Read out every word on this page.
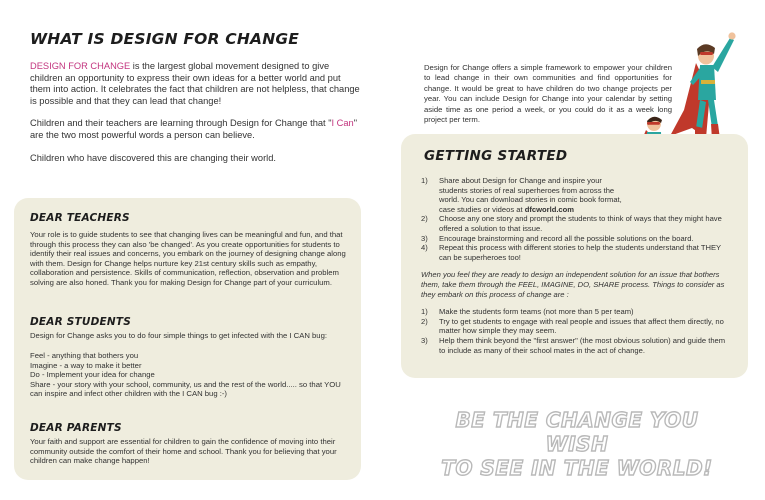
WHAT IS DESIGN FOR CHANGE

DESIGN FOR CHANGE is the largest global movement designed to give children an opportunity to express their own ideas for a better world and put them into action. It celebrates the fact that children are not helpless, that change is possible and that they can lead that change!

Children and their teachers are learning through Design for Change that "I Can" are the two most powerful words a person can believe.

Children who have discovered this are changing their world.

DEAR TEACHERS
Your role is to guide students to see that changing lives can be meaningful and fun, and that through this process they can also 'be changed'. As you create opportunities for students to identify their real issues and concerns, you embark on the journey of designing change along with them. Design for Change helps nurture key 21st century skills such as empathy, collaboration and persistence. Skills of communication, reflection, observation and problem solving are also honed. Thank you for making Design for Change part of your curriculum.
DEAR STUDENTS
Design for Change asks you to do four simple things to get infected with the I CAN bug:
Feel - anything that bothers you
Imagine - a way to make it better
Do - Implement your idea for change
Share - your story with your school, community, us and the rest of the world..... so that YOU can inspire and infect other children with the I CAN bug :-)
DEAR PARENTS
Your faith and support are essential for children to gain the confidence of moving into their community outside the comfort of their home and school. Thank you for believing that your children can make change happen!
Design for Change offers a simple framework to empower your children to lead change in their own communities and find opportunities for change. It would be great to have children do two change projects per year. You can include Design for Change into your calendar by setting aside time as one period a week, or you could do it as a week long project per term.
GETTING STARTED
1)	Share about Design for Change and inspire your students stories of real superheroes from across the world. You can download stories in comic book format, case studies or videos at dfcworld.com
2)	Choose any one story and prompt the students to think of ways that they might have offered a solution to that issue.
3)	Encourage brainstorming and record all the possible solutions on the board.
4)	Repeat this process with different stories to help the students understand that THEY can be superheroes too!
When you feel they are ready to design an independent solution for an issue that bothers them, take them through the FEEL, IMAGINE, DO, SHARE process. Things to consider as they embark on this process of change are :
1)	Make the students form teams (not more than 5 per team)
2)	Try to get students to engage with real people and issues that affect them directly, no matter how simple they may seem.
3)	Help them think beyond the "first answer" (the most obvious solution) and guide them to include as many of their school mates in the act of change.
BE THE CHANGE YOU WISH
TO SEE IN THE WORLD!
